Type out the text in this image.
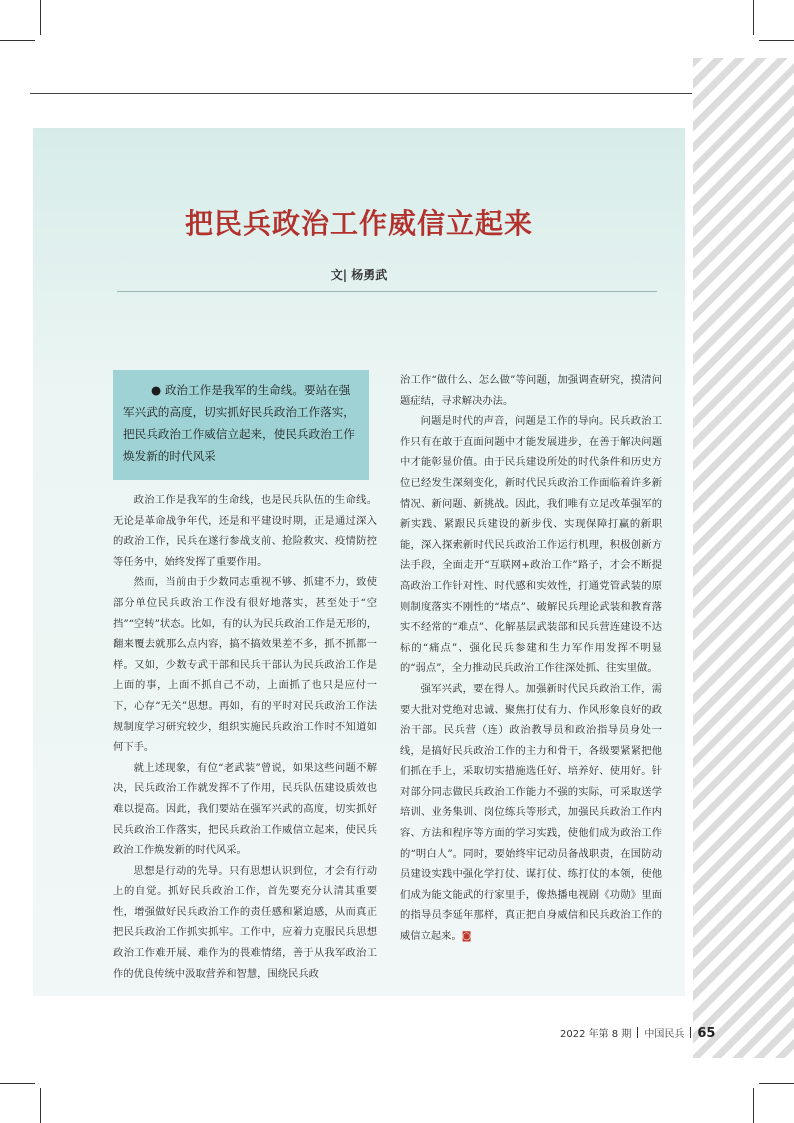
把民兵政治工作威信立起来
文| 杨勇武
● 政治工作是我军的生命线。要站在强军兴武的高度，切实抓好民兵政治工作落实，把民兵政治工作威信立起来，使民兵政治工作焕发新的时代风采

政治工作是我军的生命线，也是民兵队伍的生命线。无论是革命战争年代，还是和平建设时期，正是通过深入的政治工作，民兵在遂行参战支前、抢险救灾、疫情防控等任务中，始终发挥了重要作用。

然而，当前由于少数同志重视不够、抓建不力，致使部分单位民兵政治工作没有很好地落实，甚至处于“空挡”“空转”状态。比如，有的认为民兵政治工作是无形的，翻来覆去就那么点内容，搞不搞效果差不多，抓不抓都一样。又如，少数专武干部和民兵干部认为民兵政治工作是上面的事，上面不抓自己不动，上面抓了也只是应付一下，心存“无关”思想。再如，有的平时对民兵政治工作法规制度学习研究较少，组织实施民兵政治工作时不知道如何下手。

就上述现象，有位“老武装”曾说，如果这些问题不解决，民兵政治工作就发挥不了作用，民兵队伍建设质效也难以提高。因此，我们要站在强军兴武的高度，切实抓好民兵政治工作落实，把民兵政治工作威信立起来，使民兵政治工作焕发新的时代风采。

思想是行动的先导。只有思想认识到位，才会有行动上的自觉。抓好民兵政治工作，首先要充分认清其重要性，增强做好民兵政治工作的责任感和紧迫感，从而真正把民兵政治工作抓实抓牢。工作中，应着力克服民兵思想政治工作难开展、难作为的畏难情绪，善于从我军政治工作的优良传统中汲取营养和智慧，围绕民兵政

治工作“做什么、怎么做”等问题，加强调查研究，摸清问题症结，寻求解决办法。

问题是时代的声音，问题是工作的导向。民兵政治工作只有在敢于直面问题中才能发展进步，在善于解决问题中才能彰显价值。由于民兵建设所处的时代条件和历史方位已经发生深刻变化，新时代民兵政治工作面临着许多新情况、新问题、新挑战。因此，我们唯有立足改革强军的新实践、紧跟民兵建设的新步伐、实现保障打赢的新职能，深入探索新时代民兵政治工作运行机理，积极创新方法手段，全面走开“互联网+政治工作”路子，才会不断提高政治工作针对性、时代感和实效性，打通党管武装的原则制度落实不刚性的“堵点”、破解民兵理论武装和教育落实不经常的“难点”、化解基层武装部和民兵营连建设不达标的“痛点”、强化民兵参建和生力军作用发挥不明显的“弱点”，全力推动民兵政治工作往深处抓、往实里做。

强军兴武，要在得人。加强新时代民兵政治工作，需要大批对党绝对忠诚、聚焦打仗有力、作风形象良好的政治干部。民兵营（连）政治教导员和政治指导员身处一线，是搞好民兵政治工作的主力和骨干，各级要紧紧把他们抓在手上，采取切实措施选任好、培养好、使用好。针对部分同志做民兵政治工作能力不强的实际，可采取送学培训、业务集训、岗位练兵等形式，加强民兵政治工作内容、方法和程序等方面的学习实践，使他们成为政治工作的“明白人”。同时，要始终牢记动员备战职责，在国防动员建设实践中强化学打仗、谋打仗、练打仗的本领，使他们成为能文能武的行家里手，像热播电视剧《功勋》里面的指导员李延年那样，真正把自身威信和民兵政治工作的威信立起来。◙

2022 年第 8 期 中国民兵 65
